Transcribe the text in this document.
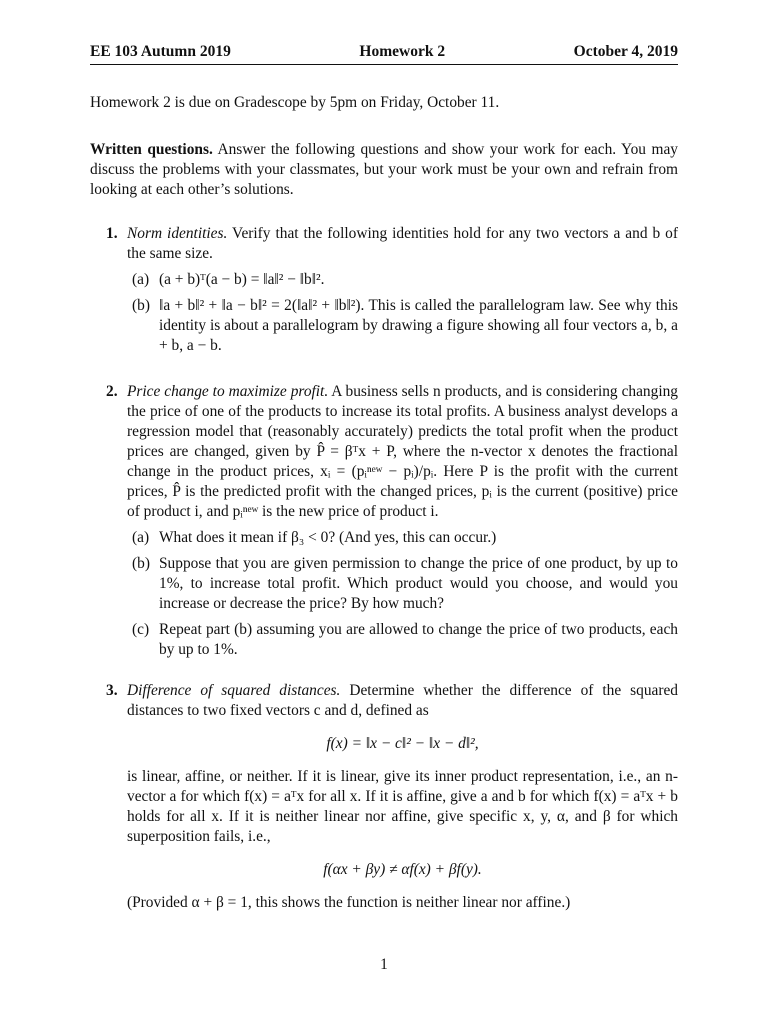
EE 103 Autumn 2019	Homework 2	October 4, 2019
Homework 2 is due on Gradescope by 5pm on Friday, October 11.
Written questions. Answer the following questions and show your work for each. You may discuss the problems with your classmates, but your work must be your own and refrain from looking at each other’s solutions.
1. Norm identities. Verify that the following identities hold for any two vectors a and b of the same size.
(a) (a + b)ᵀ(a − b) = ‖a‖² − ‖b‖².
(b) ‖a + b‖² + ‖a − b‖² = 2(‖a‖² + ‖b‖²). This is called the parallelogram law. See why this identity is about a parallelogram by drawing a figure showing all four vectors a, b, a + b, a − b.
2. Price change to maximize profit. A business sells n products, and is considering changing the price of one of the products to increase its total profits. A business analyst develops a regression model that (reasonably accurately) predicts the total profit when the product prices are changed, given by P̂ = βᵀx + P, where the n-vector x denotes the fractional change in the product prices, xᵢ = (pᵢⁿᵉʷ − pᵢ)/pᵢ. Here P is the profit with the current prices, P̂ is the predicted profit with the changed prices, pᵢ is the current (positive) price of product i, and pᵢⁿᵉʷ is the new price of product i.
(a) What does it mean if β₃ < 0? (And yes, this can occur.)
(b) Suppose that you are given permission to change the price of one product, by up to 1%, to increase total profit. Which product would you choose, and would you increase or decrease the price? By how much?
(c) Repeat part (b) assuming you are allowed to change the price of two products, each by up to 1%.
3. Difference of squared distances. Determine whether the difference of the squared distances to two fixed vectors c and d, defined as
f(x) = ‖x − c‖² − ‖x − d‖²,
is linear, affine, or neither. If it is linear, give its inner product representation, i.e., an n-vector a for which f(x) = aᵀx for all x. If it is affine, give a and b for which f(x) = aᵀx + b holds for all x. If it is neither linear nor affine, give specific x, y, α, and β for which superposition fails, i.e.,
f(αx + βy) ≠ αf(x) + βf(y).
(Provided α + β = 1, this shows the function is neither linear nor affine.)
1
